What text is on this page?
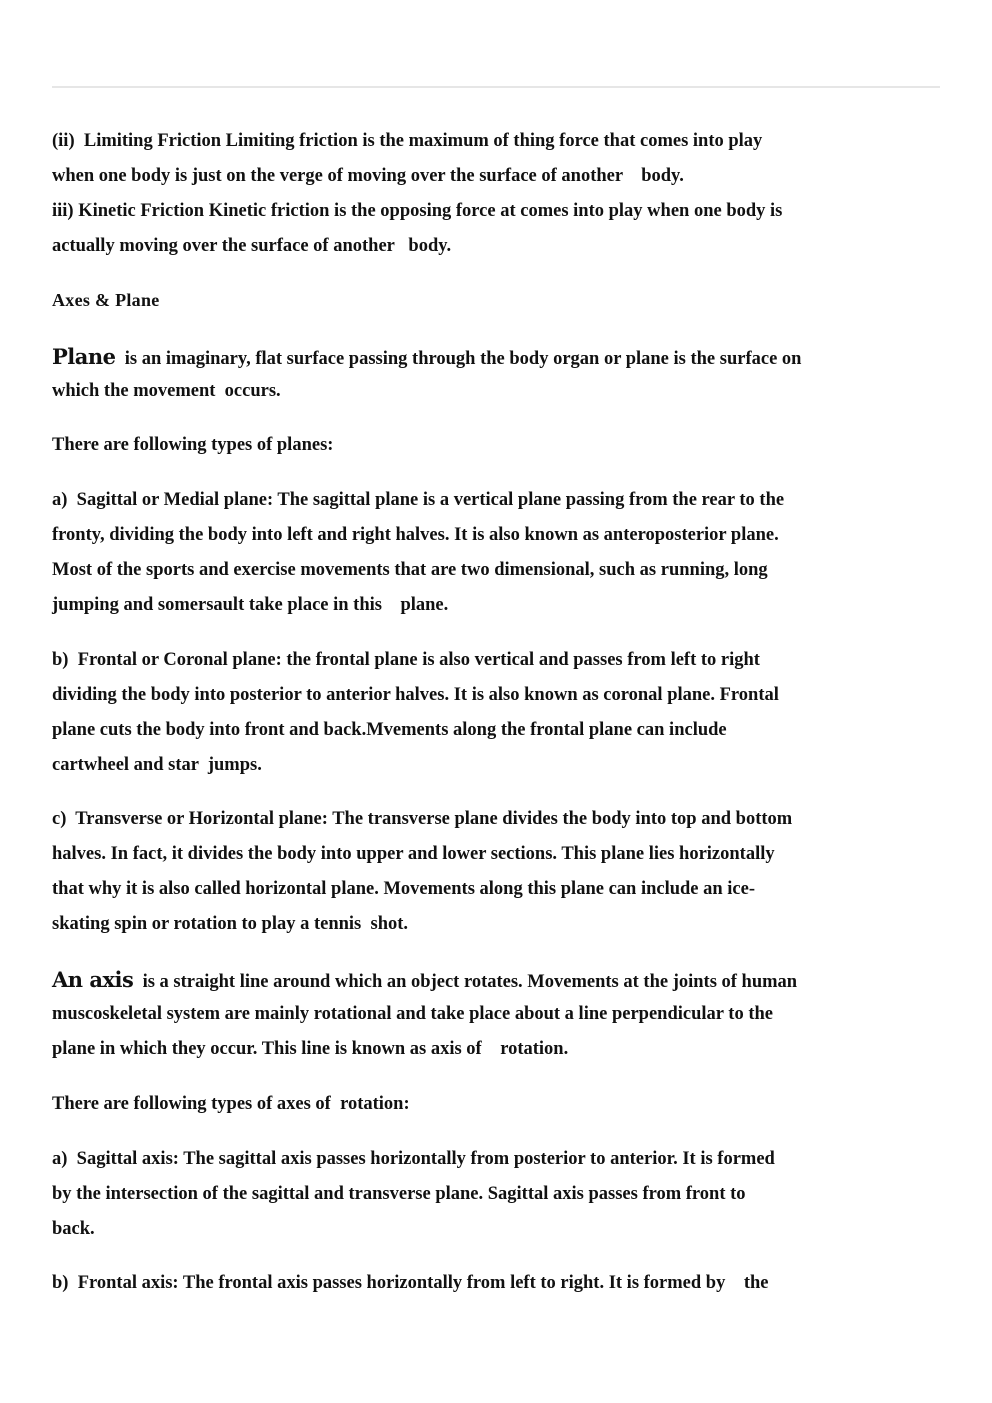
(ii)  Limiting Friction Limiting friction is the maximum of thing force that comes into play
when one body is just on the verge of moving over the surface of another    body.
iii) Kinetic Friction Kinetic friction is the opposing force at comes into play when one body is
actually moving over the surface of another   body.
Axes & Plane
Plane  is an imaginary, flat surface passing through the body organ or plane is the surface on
which the movement  occurs.
There are following types of planes:
a)  Sagittal or Medial plane: The sagittal plane is a vertical plane passing from the rear to the
fronty, dividing the body into left and right halves. It is also known as anteroposterior plane.
Most of the sports and exercise movements that are two dimensional, such as running, long
jumping and somersault take place in this    plane.
b)  Frontal or Coronal plane: the frontal plane is also vertical and passes from left to right
dividing the body into posterior to anterior halves. It is also known as coronal plane. Frontal
plane cuts the body into front and back.Mvements along the frontal plane can include
cartwheel and star  jumps.
c)  Transverse or Horizontal plane: The transverse plane divides the body into top and bottom
halves. In fact, it divides the body into upper and lower sections. This plane lies horizontally
that why it is also called horizontal plane. Movements along this plane can include an ice-
skating spin or rotation to play a tennis  shot.
An axis  is a straight line around which an object rotates. Movements at the joints of human
muscoskeletal system are mainly rotational and take place about a line perpendicular to the
plane in which they occur. This line is known as axis of    rotation.
There are following types of axes of  rotation:
a)  Sagittal axis: The sagittal axis passes horizontally from posterior to anterior. It is formed
by the intersection of the sagittal and transverse plane. Sagittal axis passes from front to
back.
b)  Frontal axis: The frontal axis passes horizontally from left to right. It is formed by    the
